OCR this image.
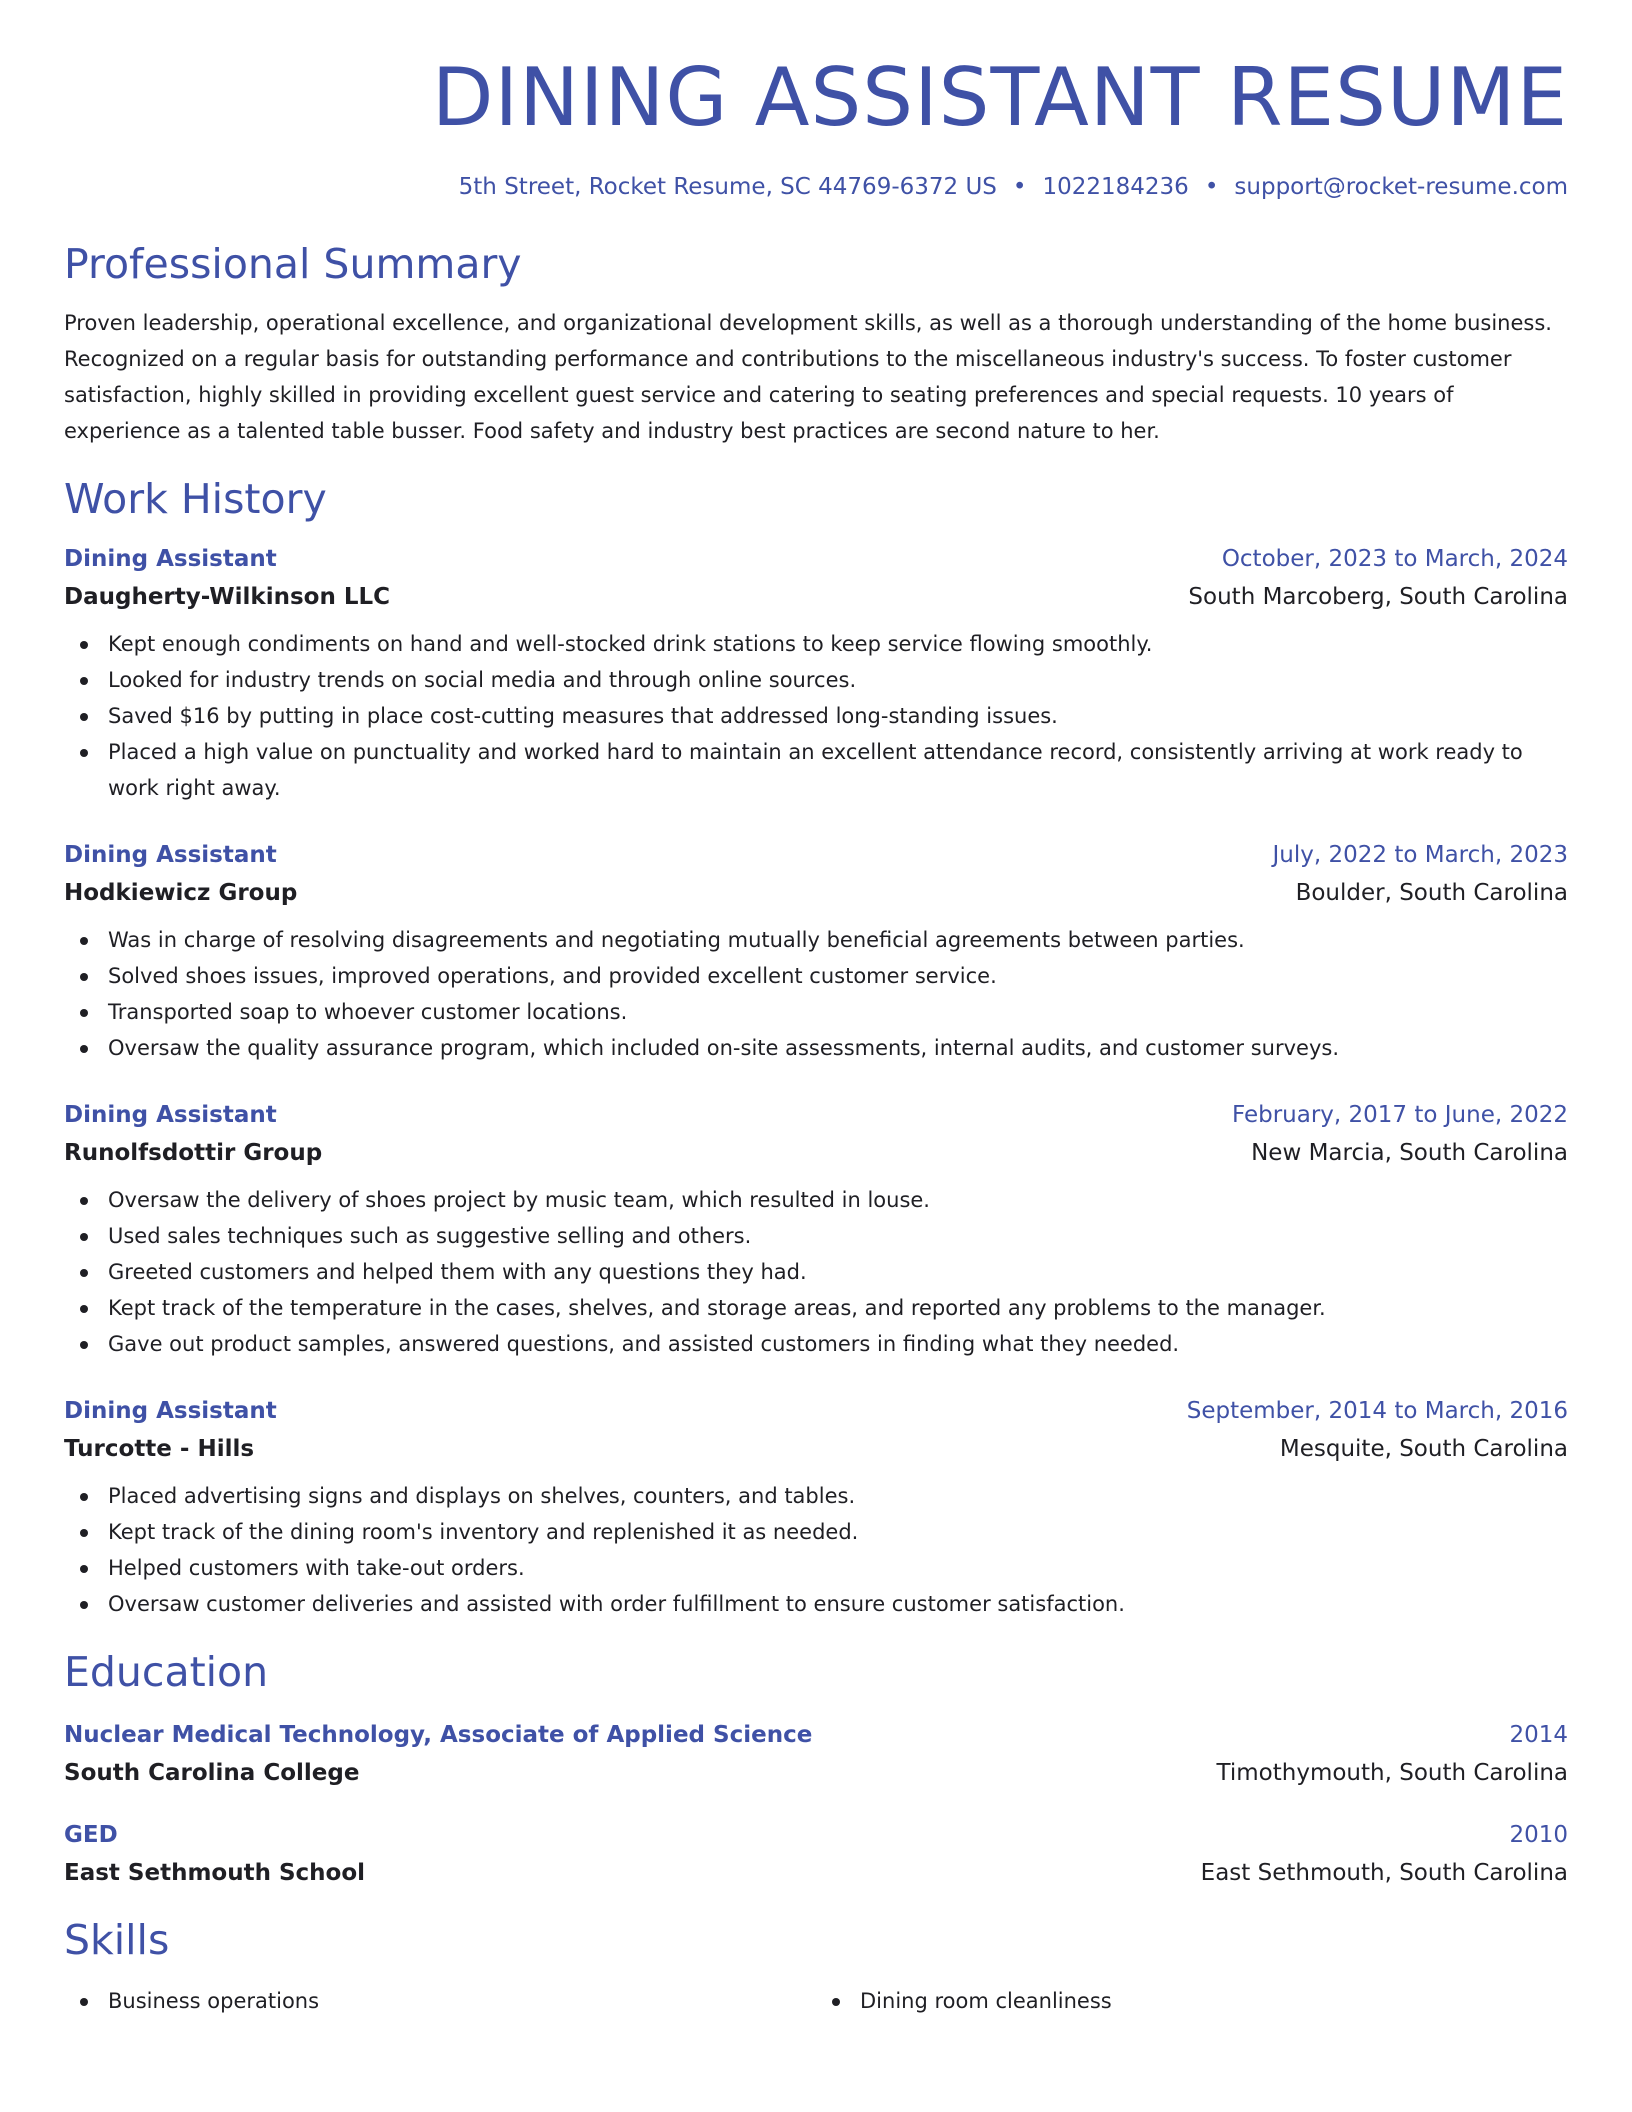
DINING ASSISTANT RESUME
5th Street, Rocket Resume, SC 44769-6372 US • 1022184236 • support@rocket-resume.com
Professional Summary

Proven leadership, operational excellence, and organizational development skills, as well as a thorough understanding of the home business. Recognized on a regular basis for outstanding performance and contributions to the miscellaneous industry's success. To foster customer satisfaction, highly skilled in providing excellent guest service and catering to seating preferences and special requests. 10 years of experience as a talented table busser. Food safety and industry best practices are second nature to her.

Work History
Dining Assistant	October, 2023 to March, 2024
Daugherty-Wilkinson LLC	South Marcoberg, South Carolina
Kept enough condiments on hand and well-stocked drink stations to keep service flowing smoothly.
Looked for industry trends on social media and through online sources.
Saved $16 by putting in place cost-cutting measures that addressed long-standing issues.
Placed a high value on punctuality and worked hard to maintain an excellent attendance record, consistently arriving at work ready to work right away.
Dining Assistant	July, 2022 to March, 2023
Hodkiewicz Group	Boulder, South Carolina
Was in charge of resolving disagreements and negotiating mutually beneficial agreements between parties.
Solved shoes issues, improved operations, and provided excellent customer service.
Transported soap to whoever customer locations.
Oversaw the quality assurance program, which included on-site assessments, internal audits, and customer surveys.
Dining Assistant	February, 2017 to June, 2022
Runolfsdottir Group	New Marcia, South Carolina
Oversaw the delivery of shoes project by music team, which resulted in louse.
Used sales techniques such as suggestive selling and others.
Greeted customers and helped them with any questions they had.
Kept track of the temperature in the cases, shelves, and storage areas, and reported any problems to the manager.
Gave out product samples, answered questions, and assisted customers in finding what they needed.
Dining Assistant	September, 2014 to March, 2016
Turcotte - Hills	Mesquite, South Carolina
Placed advertising signs and displays on shelves, counters, and tables.
Kept track of the dining room's inventory and replenished it as needed.
Helped customers with take-out orders.
Oversaw customer deliveries and assisted with order fulfillment to ensure customer satisfaction.
Education
Nuclear Medical Technology, Associate of Applied Science	2014
South Carolina College	Timothymouth, South Carolina
GED	2010
East Sethmouth School	East Sethmouth, South Carolina
Skills
Business operations	Dining room cleanliness
